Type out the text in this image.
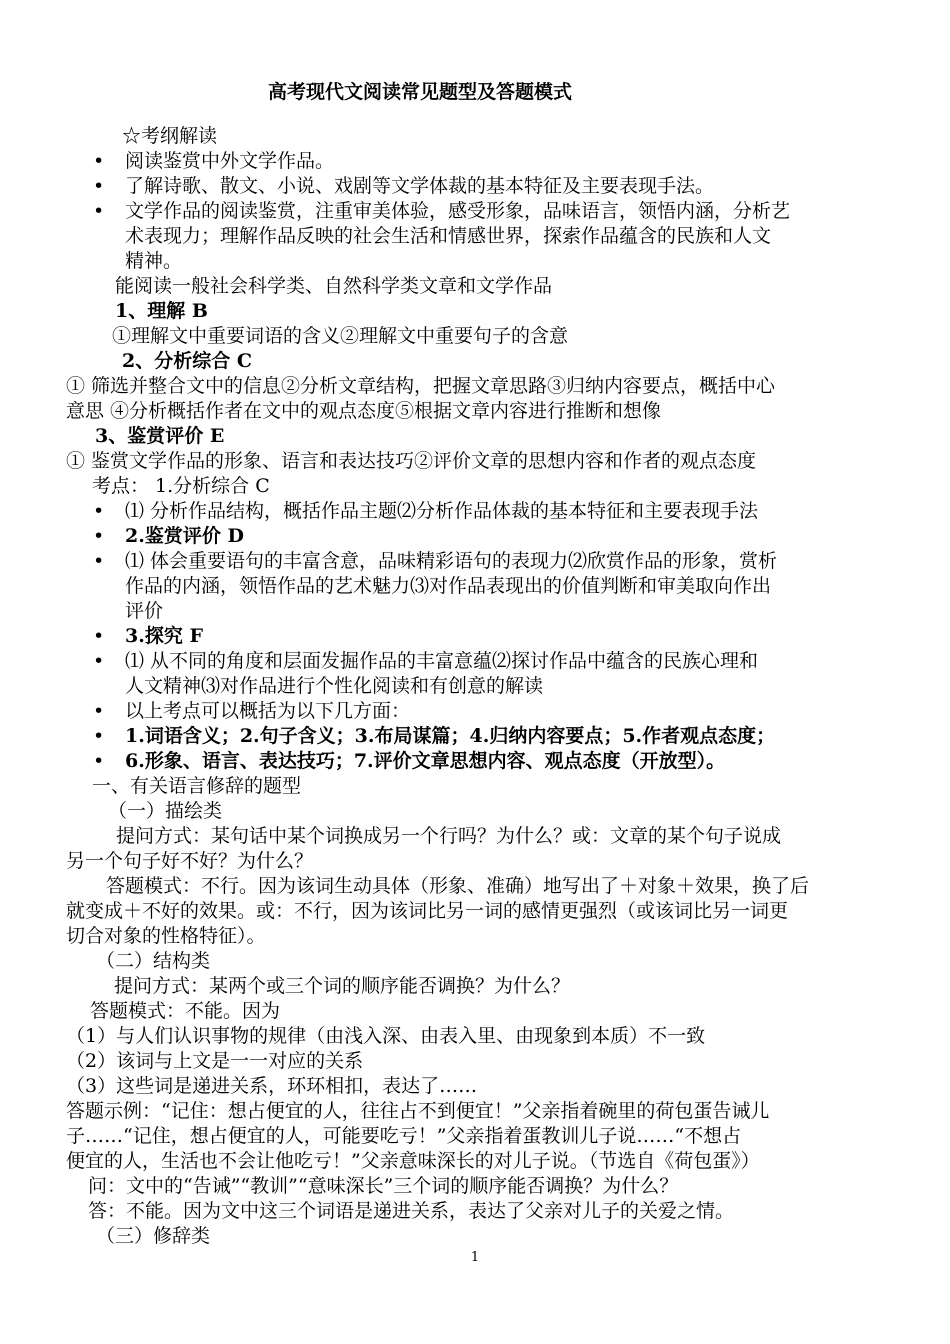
高考现代文阅读常见题型及答题模式
☆考纲解读
阅读鉴赏中外文学作品。
了解诗歌、散文、小说、戏剧等文学体裁的基本特征及主要表现手法。
文学作品的阅读鉴赏，注重审美体验，感受形象，品味语言，领悟内涵，分析艺
术表现力；理解作品反映的社会生活和情感世界，探索作品蕴含的民族和人文
精神。
能阅读一般社会科学类、自然科学类文章和文学作品
1、理解 B
①理解文中重要词语的含义②理解文中重要句子的含意
2、分析综合 C
① 筛选并整合文中的信息②分析文章结构，把握文章思路③归纳内容要点，概括中心
意思 ④分析概括作者在文中的观点态度⑤根据文章内容进行推断和想像
3、鉴赏评价 E
① 鉴赏文学作品的形象、语言和表达技巧②评价文章的思想内容和作者的观点态度
考点： 1.分析综合 C
⑴ 分析作品结构，概括作品主题⑵分析作品体裁的基本特征和主要表现手法
2.鉴赏评价 D
⑴ 体会重要语句的丰富含意，品味精彩语句的表现力⑵欣赏作品的形象，赏析
作品的内涵，领悟作品的艺术魅力⑶对作品表现出的价值判断和审美取向作出
评价
3.探究 F
⑴ 从不同的角度和层面发掘作品的丰富意蕴⑵探讨作品中蕴含的民族心理和
人文精神⑶对作品进行个性化阅读和有创意的解读
以上考点可以概括为以下几方面：
1.词语含义；2.句子含义；3.布局谋篇；4.归纳内容要点；5.作者观点态度；
6.形象、语言、表达技巧；7.评价文章思想内容、观点态度（开放型）。
一、有关语言修辞的题型
（一）描绘类
提问方式：某句话中某个词换成另一个行吗？为什么？或：文章的某个句子说成
另一个句子好不好？为什么？
答题模式：不行。因为该词生动具体（形象、准确）地写出了＋对象＋效果，换了后
就变成＋不好的效果。或：不行，因为该词比另一词的感情更强烈（或该词比另一词更
切合对象的性格特征）。
（二）结构类
提问方式：某两个或三个词的顺序能否调换？为什么？
答题模式：不能。因为
（1）与人们认识事物的规律（由浅入深、由表入里、由现象到本质）不一致
（2）该词与上文是一一对应的关系
（3）这些词是递进关系，环环相扣，表达了……
答题示例：“记住：想占便宜的人，往往占不到便宜！”父亲指着碗里的荷包蛋告诫儿
子……“记住，想占便宜的人，可能要吃亏！”父亲指着蛋教训儿子说……“不想占
便宜的人，生活也不会让他吃亏！”父亲意味深长的对儿子说。（节选自《荷包蛋》）
问：文中的“告诫”“教训”“意味深长”三个词的顺序能否调换？为什么？
答：不能。因为文中这三个词语是递进关系，表达了父亲对儿子的关爱之情。
（三）修辞类
1
